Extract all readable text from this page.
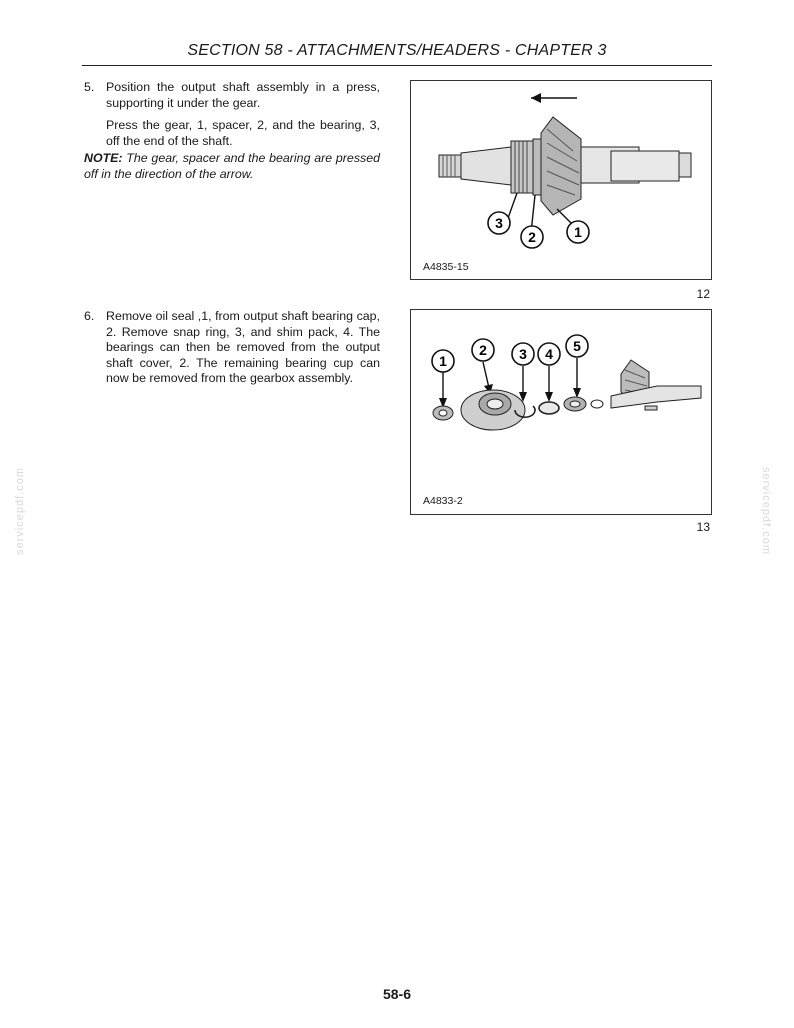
SECTION 58 - ATTACHMENTS/HEADERS - CHAPTER 3
5. Position the output shaft assembly in a press, supporting it under the gear.

Press the gear, 1, spacer, 2, and the bearing, 3, off the end of the shaft.

NOTE: The gear, spacer and the bearing are pressed off in the direction of the arrow.
3
2	1
A4835-15
12
6. Remove oil seal ,1, from output shaft bearing cap, 2. Remove snap ring, 3, and shim pack, 4. The bearings can then be removed from the output shaft cover, 2. The remaining bearing cup can now be removed from the gearbox assembly.

1
2 3 4 5
A4833-2
13
servicepdf.com	servicepdf.com
58-6
